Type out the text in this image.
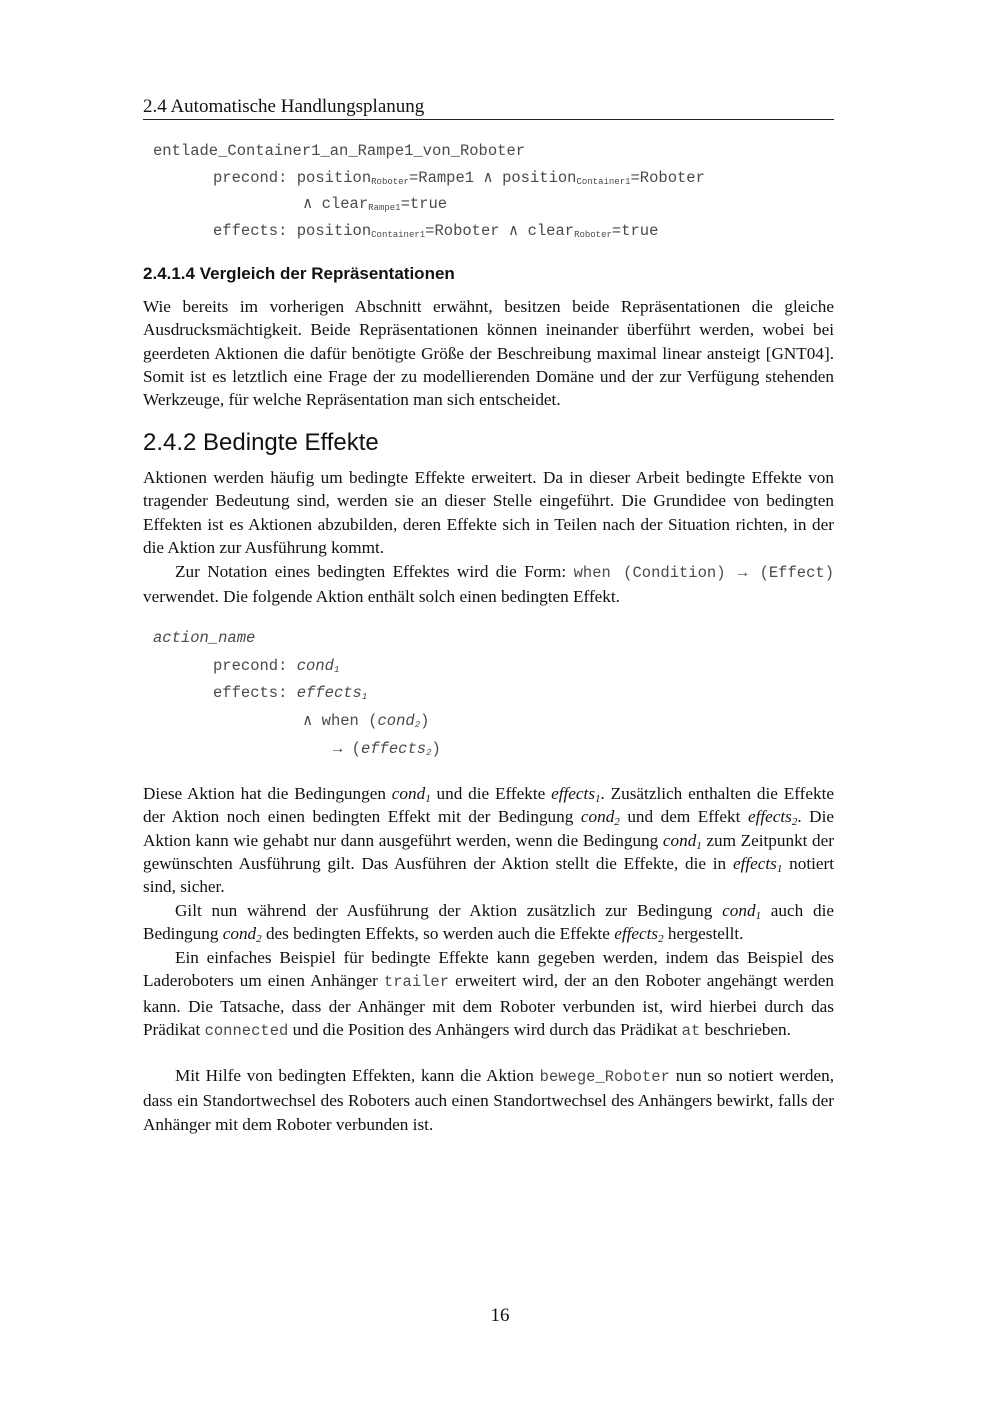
2.4 Automatische Handlungsplanung
entlade_Container1_an_Rampe1_von_Roboter
precond: position$_{Roboter}$=Rampe1 ∧ position$_{Container1}$=Roboter
∧ clear$_{Rampe1}$=true
effects: position$_{Container1}$=Roboter ∧ clear$_{Roboter}$=true
2.4.1.4 Vergleich der Repräsentationen

Wie bereits im vorherigen Abschnitt erwähnt, besitzen beide Repräsentationen die gleiche Ausdrucksmächtigkeit. Beide Repräsentationen können ineinander überführt werden, wobei bei geerdeten Aktionen die dafür benötigte Größe der Beschreibung maximal linear ansteigt [GNT04]. Somit ist es letztlich eine Frage der zu modellierenden Domäne und der zur Verfügung stehenden Werkzeuge, für welche Repräsentation man sich entscheidet.

2.4.2 Bedingte Effekte

Aktionen werden häufig um bedingte Effekte erweitert. Da in dieser Arbeit bedingte Effekte von tragender Bedeutung sind, werden sie an dieser Stelle eingeführt. Die Grundidee von bedingten Effekten ist es Aktionen abzubilden, deren Effekte sich in Teilen nach der Situation richten, in der die Aktion zur Ausführung kommt.

Zur Notation eines bedingten Effektes wird die Form: when (Condition) → (Effect) verwendet. Die folgende Aktion enthält solch einen bedingten Effekt.

action_name
precond: cond$_1$
effects: effects$_1$
∧ when (cond$_2$)
→ (effects$_2$)

Diese Aktion hat die Bedingungen cond$_1$ und die Effekte effects$_1$. Zusätzlich enthalten die Effekte der Aktion noch einen bedingten Effekt mit der Bedingung cond$_2$ und dem Effekt effects$_2$. Die Aktion kann wie gehabt nur dann ausgeführt werden, wenn die Bedingung cond$_1$ zum Zeitpunkt der gewünschten Ausführung gilt. Das Ausführen der Aktion stellt die Effekte, die in effects$_1$ notiert sind, sicher.

Gilt nun während der Ausführung der Aktion zusätzlich zur Bedingung cond$_1$ auch die Bedingung cond$_2$ des bedingten Effekts, so werden auch die Effekte effects$_2$ hergestellt.

Ein einfaches Beispiel für bedingte Effekte kann gegeben werden, indem das Beispiel des Laderoboters um einen Anhänger trailer erweitert wird, der an den Roboter angehängt werden kann. Die Tatsache, dass der Anhänger mit dem Roboter verbunden ist, wird hierbei durch das Prädikat connected und die Position des Anhängers wird durch das Prädikat at beschrieben.

Mit Hilfe von bedingten Effekten, kann die Aktion bewege_Roboter nun so notiert werden, dass ein Standortwechsel des Roboters auch einen Standortwechsel des Anhängers bewirkt, falls der Anhänger mit dem Roboter verbunden ist.

16
